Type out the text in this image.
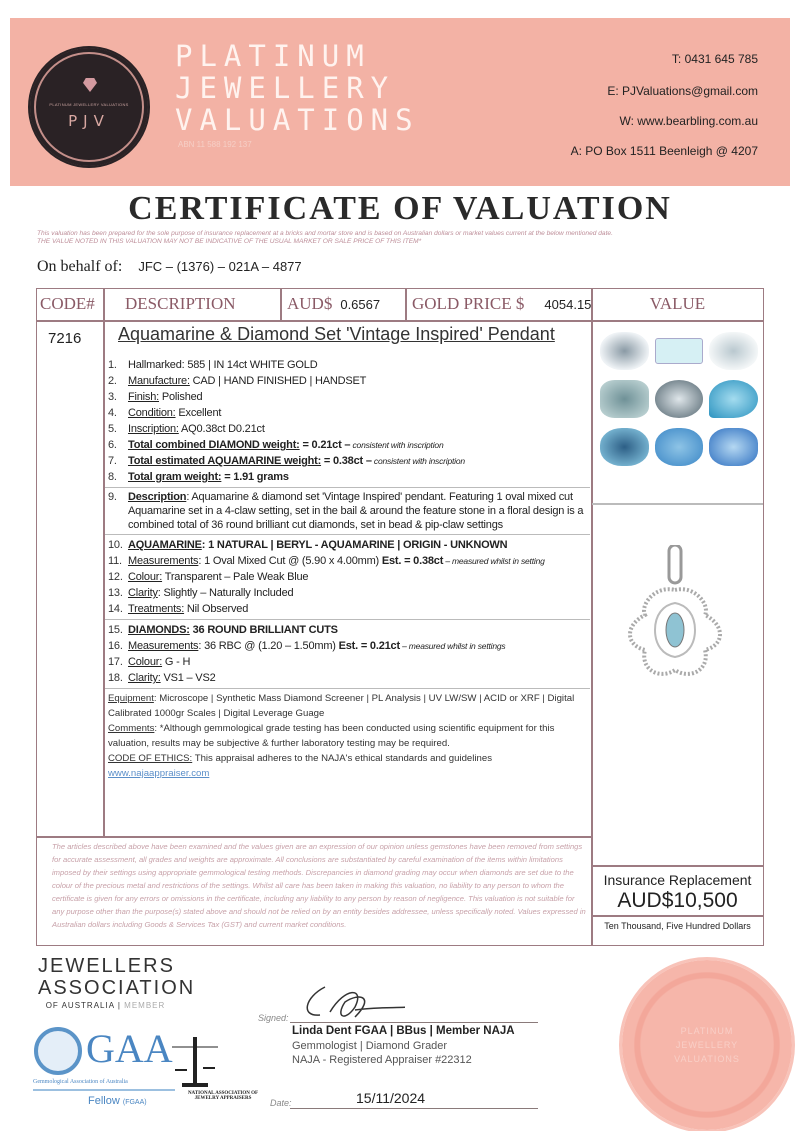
PLATINUM JEWELLERY VALUATIONS
PJV
PLATINUM
JEWELLERY
VALUATIONS
ABN 11 588 192 137
T: 0431 645 785
E: PJValuations@gmail.com
W: www.bearbling.com.au
A: PO Box 1511 Beenleigh @ 4207
CERTIFICATE OF VALUATION
This valuation has been prepared for the sole purpose of insurance replacement at a bricks and mortar store and is based on Australian dollars or market values current at the below mentioned date.
THE VALUE NOTED IN THIS VALUATION MAY NOT BE INDICATIVE OF THE USUAL MARKET OR SALE PRICE OF THIS ITEM*
On behalf of: JFC – (1376) – 021A – 4877
CODE# DESCRIPTION	AUD$ 0.6567 GOLD PRICE $ 4054.15	VALUE
7216	Aquamarine & Diamond Set 'Vintage Inspired' Pendant
1.	Hallmarked: 585 | IN 14ct WHITE GOLD
2.	Manufacture: CAD | HAND FINISHED | HANDSET
3.	Finish: Polished
4.	Condition: Excellent
5.	Inscription: AQ0.38ct D0.21ct
6.	Total combined DIAMOND weight: = 0.21ct – consistent with inscription
7.	Total estimated AQUAMARINE weight: = 0.38ct – consistent with inscription
8.	Total gram weight: = 1.91 grams
9.	Description: Aquamarine & diamond set 'Vintage Inspired' pendant. Featuring 1 oval mixed cut Aquamarine set in a 4-claw setting, set in the bail & around the feature stone in a floral design is a combined total of 36 round brilliant cut diamonds, set in bead & pip-claw settings
10. AQUAMARINE: 1 NATURAL | BERYL - AQUAMARINE | ORIGIN - UNKNOWN
11. Measurements: 1 Oval Mixed Cut @ (5.90 x 4.00mm) Est. = 0.38ct – measured whilst in setting
12. Colour: Transparent – Pale Weak Blue
13. Clarity: Slightly – Naturally Included
14. Treatments: Nil Observed
15. DIAMONDS: 36 ROUND BRILLIANT CUTS
16. Measurements: 36 RBC @ (1.20 – 1.50mm) Est. = 0.21ct – measured whilst in settings
17. Colour: G - H
18. Clarity: VS1 – VS2
Equipment: Microscope | Synthetic Mass Diamond Screener | PL Analysis | UV LW/SW | ACID or XRF | Digital Calibrated 1000gr Scales | Digital Leverage Guage
Comments: *Although gemmological grade testing has been conducted using scientific equipment for this valuation, results may be subjective & further laboratory testing may be required.
CODE OF ETHICS: This appraisal adheres to the NAJA's ethical standards and guidelines www.najaappraiser.com
The articles described above have been examined and the values given are an expression of our opinion unless gemstones have been removed from settings for accurate assessment, all grades and weights are approximate. All conclusions are substantiated by careful examination of the items within limitations imposed by their settings using appropriate gemmological testing methods. Discrepancies in diamond grading may occur when diamonds are set due to the colour of the precious metal and restrictions of the settings. Whilst all care has been taken in making this valuation, no liability to any person to whom the certificate is given for any errors or omissions in the certificate, including any liability to any person by reason of negligence. This valuation is not suitable for any purpose other than the purpose(s) stated above and should not be relied on by an entity besides addressee, unless specifically noted. Values expressed in Australian dollars including Goods & Services Tax (GST) and current market conditions.
Insurance Replacement
AUD$10,500
Ten Thousand, Five Hundred Dollars
JEWELLERS
ASSOCIATION
OF AUSTRALIA | MEMBER
GAA
Gemmological Association of Australia
Fellow (FGAA)
NATIONAL ASSOCIATION OF JEWELRY APPRAISERS
Signed:
Linda Dent FGAA | BBus | Member NAJA
Gemmologist | Diamond Grader
NAJA - Registered Appraiser #22312
Date:	15/11/2024
PLATINUM
JEWELLERY
VALUATIONS
